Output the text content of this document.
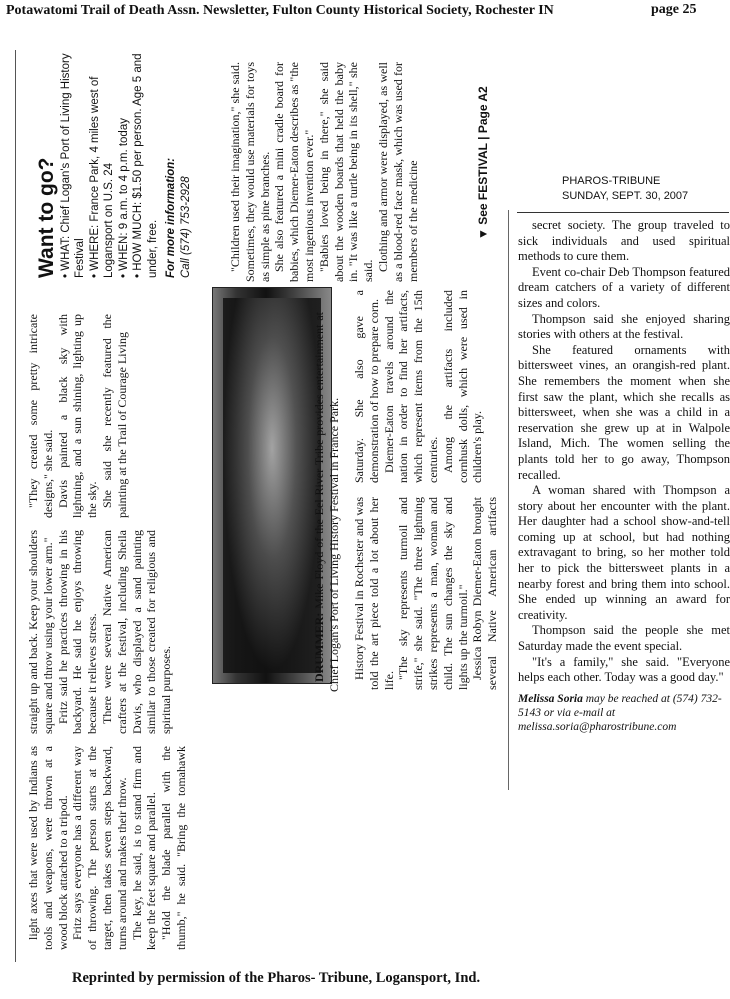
Potawatomi Trail of Death Assn. Newsletter, Fulton County Historical Society, Rochester IN	page 25

light axes that were used by Indians as tools and weapons, were thrown at a wood block attached to a tripod. Fritz says everyone has a different way of throwing. The person starts at the target, then takes seven steps backward, turns around and makes their throw. The key, he said, is to stand firm and keep the feet square and parallel. "Hold the blade parallel with the thumb," he said. "Bring the tomahawk straight up and back. Keep your shoulders square and throw using your lower arm." Fritz said he practices throwing in his backyard. He said he enjoys throwing because it relieves stress. There were several Native American crafters at the festival, including Sheila Davis, who displayed a sand painting similar to those created for religious and spiritual purposes.

"They created some pretty intricate designs," she said. Davis painted a black sky with lightning, and a sun shining, lighting up the sky. She said she recently featured the painting at the Trail of Courage Living

History Festival in Rochester and was told the art piece told a lot about her life.

"The sky represents turmoil and strife," she said. "The three lightning strikes represents a man, woman and child. The sun changes the sky and lights up the turmoil." Jessica Robyn Diemer-Eaton brought several Native American artifacts Saturday. She also gave a demonstration of how to prepare corn. Diemer-Eaton travels around the nation in order to find her artifacts, which represent items from the 15th centuries. Among the artifacts included cornhusk dolls, which were used in children's play.

DRUMMER: Mike Floyd of the Eel River Tribe provides entertainment at Chief Logan's Port of Living History Festival in France Park.

Want to go? • WHAT: Chief Logan's Port of Living History Festival • WHERE: France Park, 4 miles west of Logansport on U.S. 24 • WHEN: 9 a.m. to 4 p.m. today • HOW MUCH: $1.50 per person. Age 5 and under, free. For more information: Call (574) 753-2928	"Children used their imagination," she said. Sometimes, they would use materials for toys as simple as pine branches. She also featured a mini cradle board for babies, which Diemer-Eaton describes as "the most ingenious invention ever." "Babies loved being in there," she said about the wooden boards that held the baby in. "It was like a turtle being in its shell," she said. Clothing and armor were displayed, as well as a blood-red face mask, which was used for members of the medicine	▼ See FESTIVAL | Page A2	PHAROS-TRIBUNE
SUNDAY, SEPT. 30, 2007

secret society. The group traveled to sick individuals and used spiritual methods to cure them.

Event co-chair Deb Thompson featured dream catchers of a variety of different sizes and colors.

Thompson said she enjoyed sharing stories with others at the festival.

She featured ornaments with bittersweet vines, an orangish-red plant. She remembers the moment when she first saw the plant, which she recalls as bittersweet, when she was a child in a reservation she grew up at in Walpole Island, Mich. The women selling the plants told her to go away, Thompson recalled.

A woman shared with Thompson a story about her encounter with the plant. Her daughter had a school show-and-tell coming up at school, but had nothing extravagant to bring, so her mother told her to pick the bittersweet plants in a nearby forest and bring them into school. She ended up winning an award for creativity.

Thompson said the people she met Saturday made the event special.

"It's a family," she said. "Everyone helps each other. Today was a good day."

Melissa Soria may be reached at (574) 732-5143 or via e-mail at melissa.soria@pharostribune.com

Reprinted by permission of the Pharos- Tribune, Logansport, Ind.
